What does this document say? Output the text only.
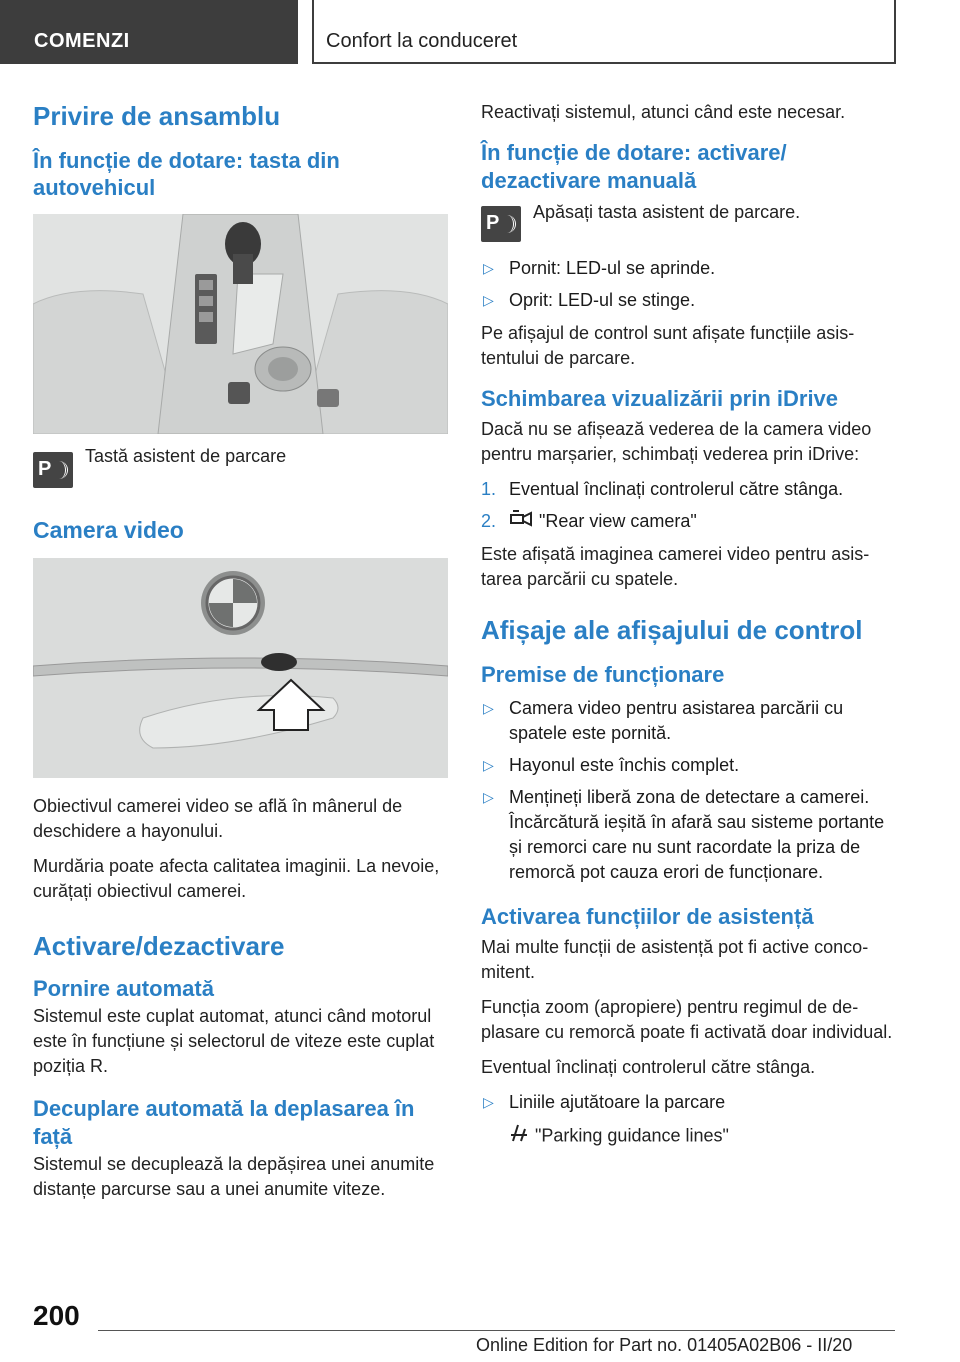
COMENZI	Confort la conduceret
Privire de ansamblu
În funcție de dotare: tasta din autovehicul
P

Tastă asistent de parcare

Camera video

Obiectivul camerei video se află în mânerul de deschidere a hayonului.

Murdăria poate afecta calitatea imaginii. La nevoie, curățați obiectivul camerei.

Activare/dezactivare
Pornire automată

Sistemul este cuplat automat, atunci când motorul este în funcțiune și selectorul de viteze este cuplat poziția R.

Decuplare automată la deplasarea în față

Sistemul se decuplează la depășirea unei anumite distanțe parcurse sau a unei anumite viteze.

Reactivați sistemul, atunci când este necesar.

În funcție de dotare: activare/ dezactivare manuală
P Apăsați tasta asistent de parcare.

▷ Pornit: LED-ul se aprinde.
▷ Oprit: LED-ul se stinge.

Pe afișajul de control sunt afișate funcțiile asistentului de parcare.

Schimbarea vizualizării prin iDrive

Dacă nu se afișează vederea de la camera video pentru marșarier, schimbați vederea prin iDrive:

1. Eventual înclinați controlerul către stânga.
2. "Rear view camera"

Este afișată imaginea camerei video pentru asistarea parcării cu spatele.

Afișaje ale afișajului de control
Premise de funcționare
▷ Camera video pentru asistarea parcării cu spatele este pornită.
▷ Hayonul este închis complet.
▷ Mențineți liberă zona de detectare a camerei. Încărcătură ieșită în afară sau sisteme portante și remorci care nu sunt racordate la priza de remorcă pot cauza erori de funcționare.
Activarea funcțiilor de asistență

Mai multe funcții de asistență pot fi active concomitent.

Funcția zoom (apropiere) pentru regimul de deplasare cu remorcă poate fi activată doar individual.

Eventual înclinați controlerul către stânga.

▷ Liniile ajutătoare la parcare

"Parking guidance lines"

200
Online Edition for Part no. 01405A02B06 - II/20
